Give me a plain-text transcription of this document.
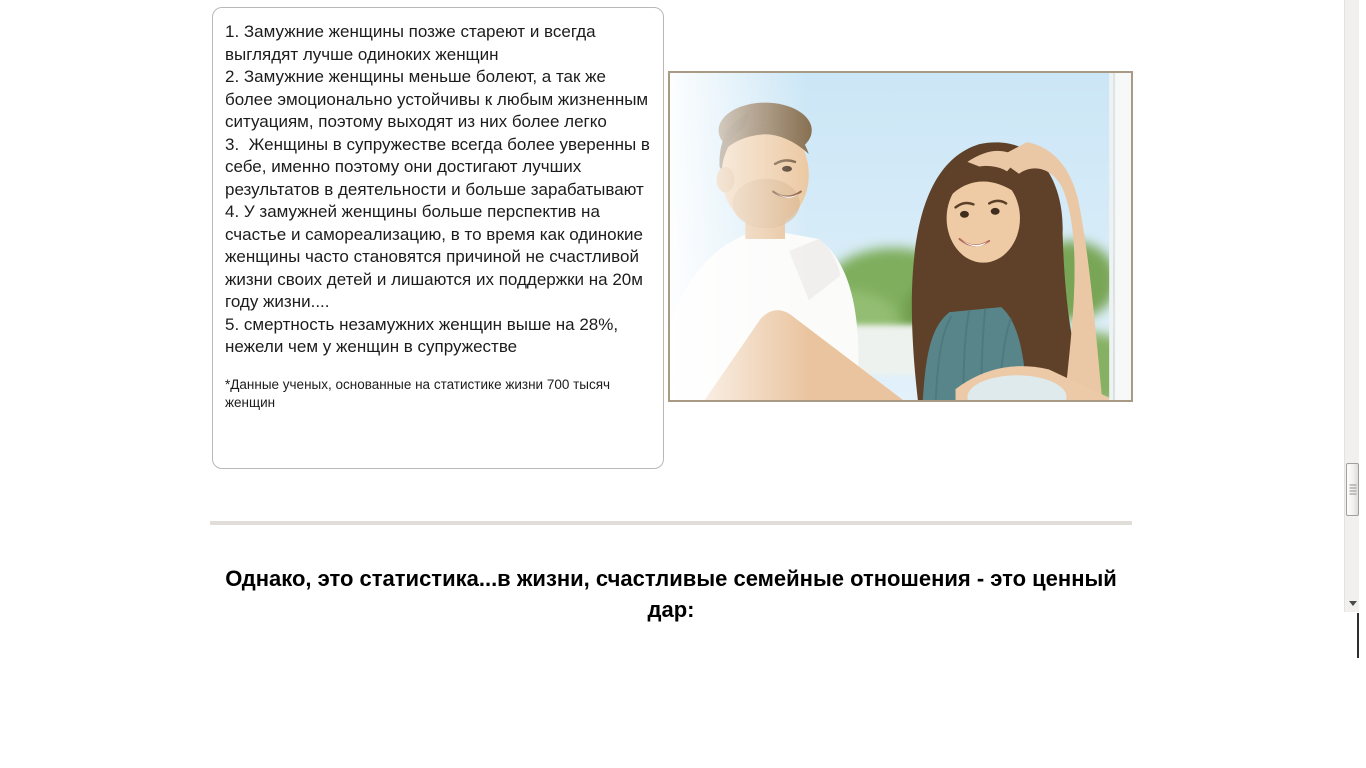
1. Замужние женщины позже стареют и всегда выглядят лучше одиноких женщин
2. Замужние женщины меньше болеют, а так же более эмоционально устойчивы к любым жизненным ситуациям, поэтому выходят из них более легко
3.  Женщины в супружестве всегда более уверенны в себе, именно поэтому они достигают лучших результатов в деятельности и больше зарабатывают
4. У замужней женщины больше перспектив на счастье и самореализацию, в то время как одинокие женщины часто становятся причиной не счастливой жизни своих детей и лишаются их поддержки на 20м году жизни....
5. смертность незамужних женщин выше на 28%, нежели чем у женщин в супружестве
*Данные ученых, основанные на статистике жизни 700 тысяч женщин
Однако, это статистика...в жизни, счастливые семейные отношения - это ценный дар:
